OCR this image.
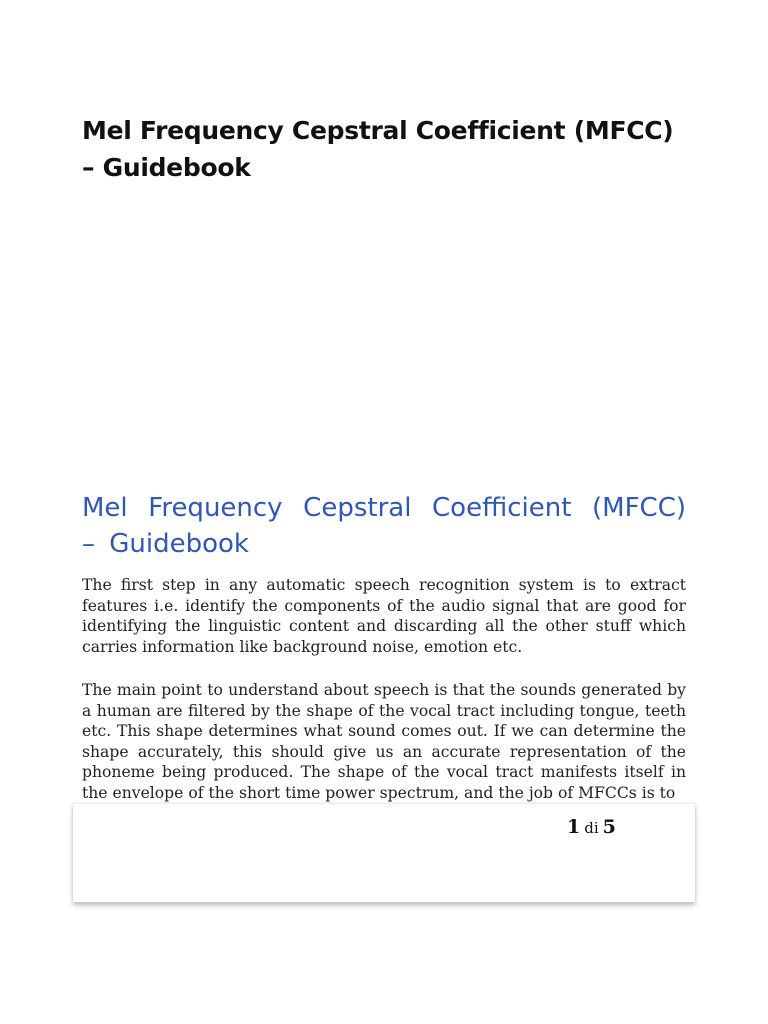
Mel Frequency Cepstral Coefficient (MFCC) – Guidebook
Mel Frequency Cepstral Coefficient (MFCC) – Guidebook

The first step in any automatic speech recognition system is to extract features i.e. identify the components of the audio signal that are good for identifying the linguistic content and discarding all the other stuff which carries information like background noise, emotion etc.

The main point to understand about speech is that the sounds generated by a human are filtered by the shape of the vocal tract including tongue, teeth etc. This shape determines what sound comes out. If we can determine the shape accurately, this should give us an accurate representation of the phoneme being produced. The shape of the vocal tract manifests itself in the envelope of the short time power spectrum, and the job of MFCCs is to

1 di 5
